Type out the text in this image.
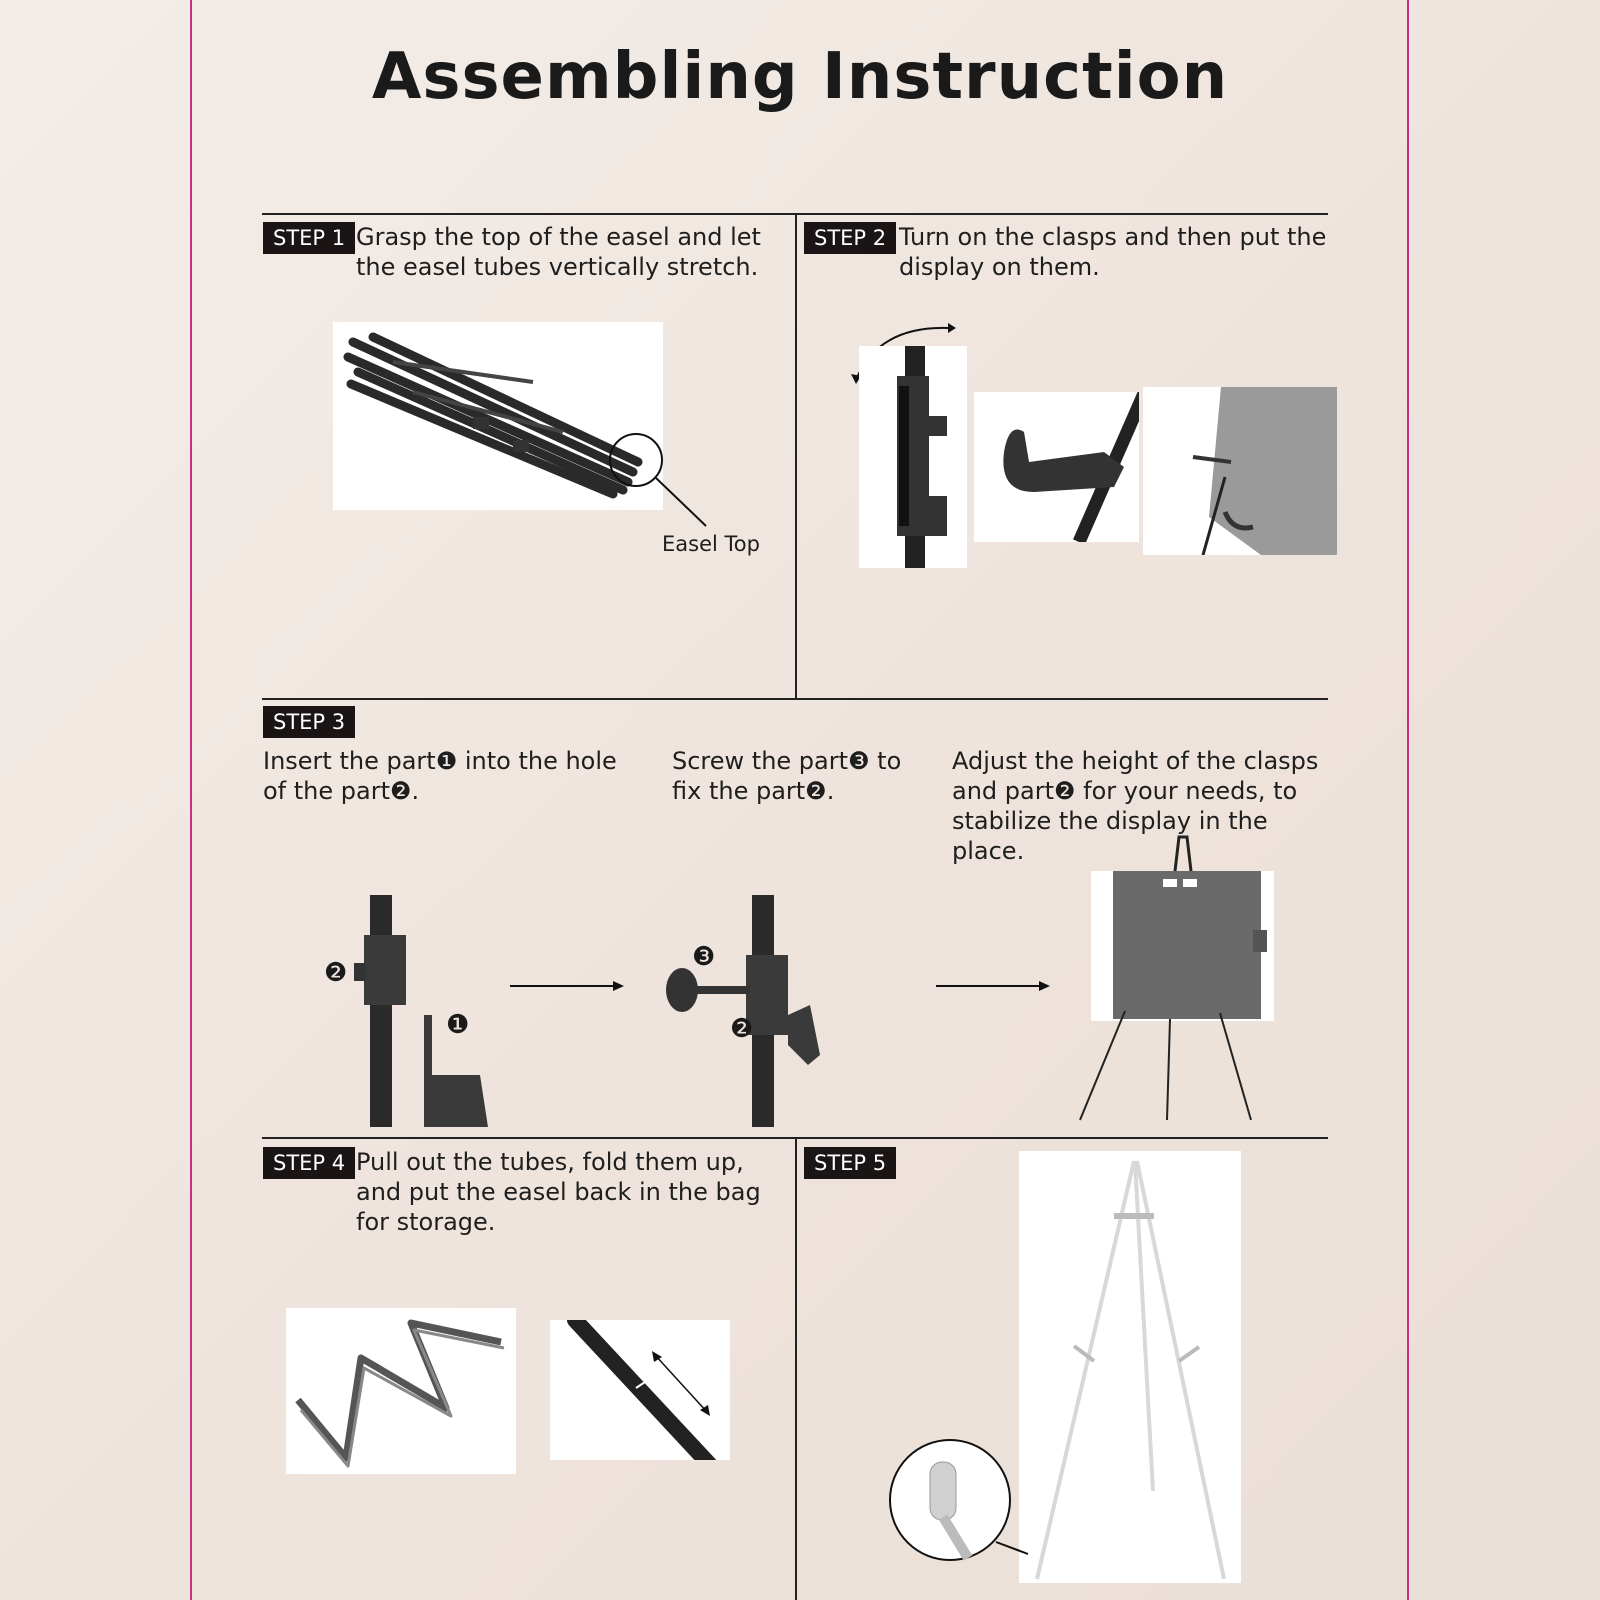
Assembling Instruction
STEP 1 Grasp the top of the easel and let the easel tubes vertically stretch.
Easel Top
STEP 2 Turn on the clasps and then put the display on them.
STEP 3
Insert the part❶ into the hole of the part❷.
Screw the part❸ to fix the part❷.
Adjust the height of the clasps and part❷ for your needs, to stabilize the display in the place.
❷
❶
❸
❷
STEP 4 Pull out the tubes, fold them up, and put the easel back in the bag for storage.
STEP 5
